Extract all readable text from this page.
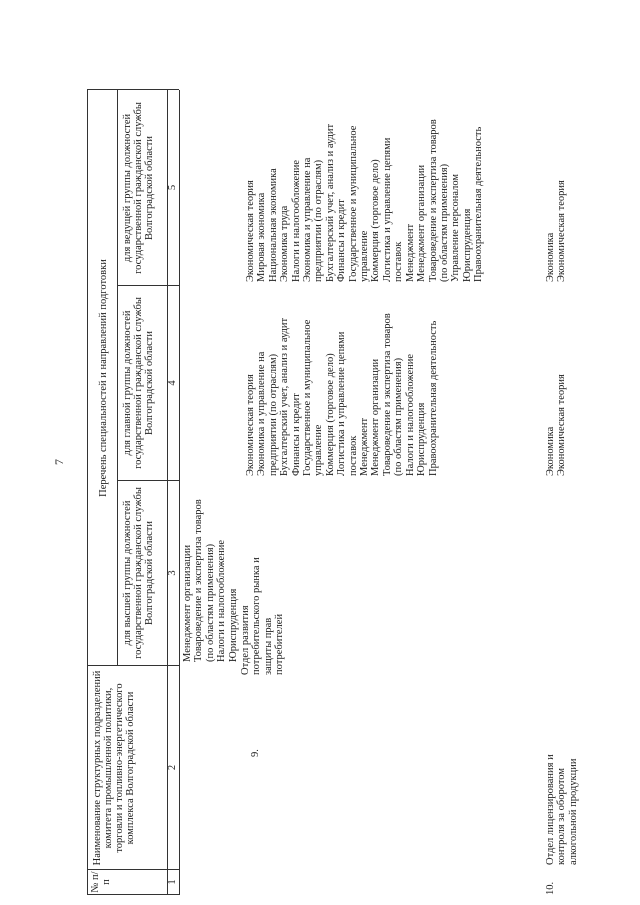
7
№ п/п
Наименование структурных подразделений комитета промышленной политики, торговли и топливно-энергетического комплекса Волгоградской области
Перечень специальностей и направлений подготовки
для высшей группы должностей государственной гражданской службы Волгоградской области
для главной группы должностей государственной гражданской службы Волгоградской области
для ведущей группы должностей государственной гражданской службы Волгоградской области
1
2
3
4
5
Менеджмент организации Товароведение и экспертиза товаров (по областям применения) Налоги и налогообложение Юриспруденция
9.
Отдел развития потребительского рынка и защиты прав потребителей
Экономическая теория Экономика и управление на предприятии (по отраслям) Бухгалтерский учет, анализ и аудит Финансы и кредит Государственное и муниципальное управление Коммерция (торговое дело) Логистика и управление цепями поставок Менеджмент Менеджмент организации Товароведение и экспертиза товаров (по областям применения) Налоги и налогообложение Юриспруденция Правоохранительная деятельность
Экономическая теория Мировая экономика Национальная экономика Экономика труда Налоги и налогообложение Экономика и управление на предприятии (по отраслям) Бухгалтерский учет, анализ и аудит Финансы и кредит Государственное и муниципальное управление Коммерция (торговое дело) Логистика и управление цепями поставок Менеджмент Менеджмент организации Товароведение и экспертиза товаров (по областям применения) Управление персоналом Юриспруденция Правоохранительная деятельность
10.
Отдел лицензирования и контроля за оборотом алкогольной продукции
Экономика Экономическая теория
Экономика Экономическая теория
